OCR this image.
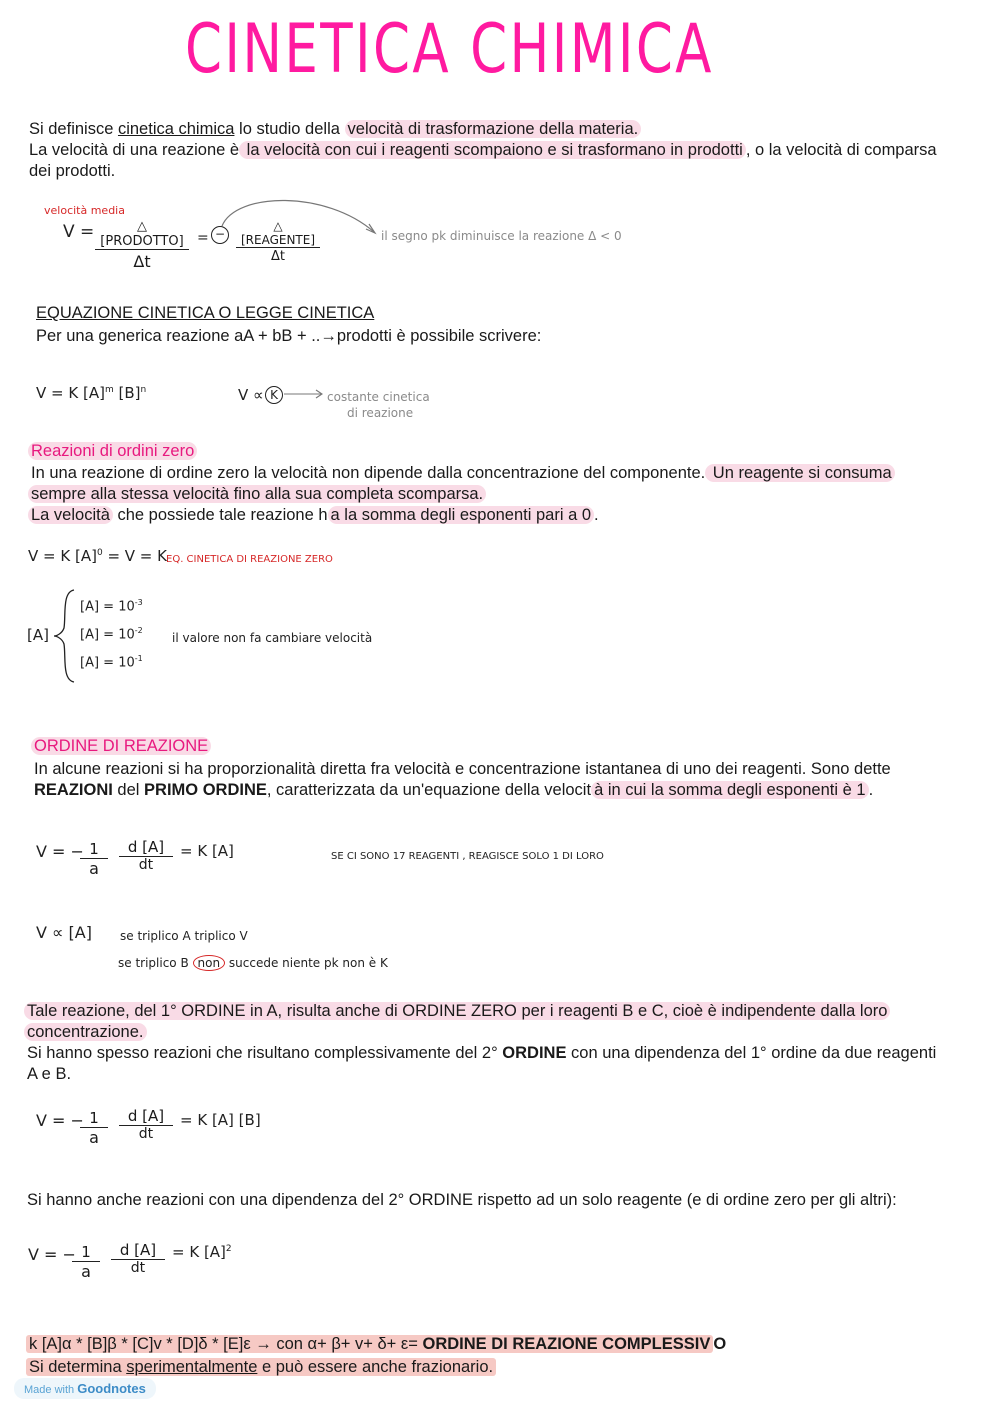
CINETICA CHIMICA
Si definisce cinetica chimica lo studio della velocità di trasformazione della materia.
La velocità di una reazione è la velocità con cui i reagenti scompaiono e si trasformano in prodotti , o la velocità di comparsa
dei prodotti.
velocità media
V =	△ [PRODOTTO]
Δt
= −
△ [REAGENTE]
Δt
il segno pk diminuisce la reazione Δ < 0
EQUAZIONE CINETICA O LEGGE CINETICA
Per una generica reazione aA + bB + ..→prodotti è possibile scrivere:
V = K $[A]^m$ $[B]^n$	V ∝ K	costante cinetica
di reazione
Reazioni di ordini zero
In una reazione di ordine zero la velocità non dipende dalla concentrazione del componente. Un reagente si consuma
sempre alla stessa velocità fino alla sua completa scomparsa.
La velocità che possiede tale reazione h a la somma degli esponenti pari a 0 .
V = K $[A]^0 = V = K$ EQ. CINETICA DI REAZIONE ZERO
[A]
$[A] = 10^{-3}$
$[A] = 10^{-2}$
$[A] = 10^{-1}$
il valore non fa cambiare velocità
ORDINE DI REAZIONE
In alcune reazioni si ha proporzionalità diretta fra velocità e concentrazione istantanea di uno dei reagenti. Sono dette
REAZIONI del PRIMO ORDINE, caratterizzata da un'equazione della velocit à in cui la somma degli esponenti è 1 .
V = −
$\frac{1}{a} \frac{d [A]}{dt} = K$ [A]	SE CI SONO 17 REAGENTI , REAGISCE SOLO 1 DI LORO
V ∝ [A] se triplico A triplico V
se triplico B non succede niente pk non è K
Tale reazione, del 1° ORDINE in A, risulta anche di ORDINE ZERO per i reagenti B e C, cioè è indipendente dalla loro
concentrazione.
Si hanno spesso reazioni che risultano complessivamente del 2° ORDINE con una dipendenza del 1° ordine da due reagenti
A e B.
V = −
$\frac{1}{a} \frac{d [A]}{dt} = K$ [A] [B]
Si hanno anche reazioni con una dipendenza del 2° ORDINE rispetto ad un solo reagente (e di ordine zero per gli altri):
V = −
$\frac{1}{a} \frac{d [A]}{dt} = K$ $[A]^2$
k [A]α * [B]β * [C]v * [D]δ * [E]ε → con α+ β+ v+ δ+ ε= ORDINE DI REAZIONE COMPLESSIV O
Si determina sperimentalmente e può essere anche frazionario.
Made with Goodnotes
